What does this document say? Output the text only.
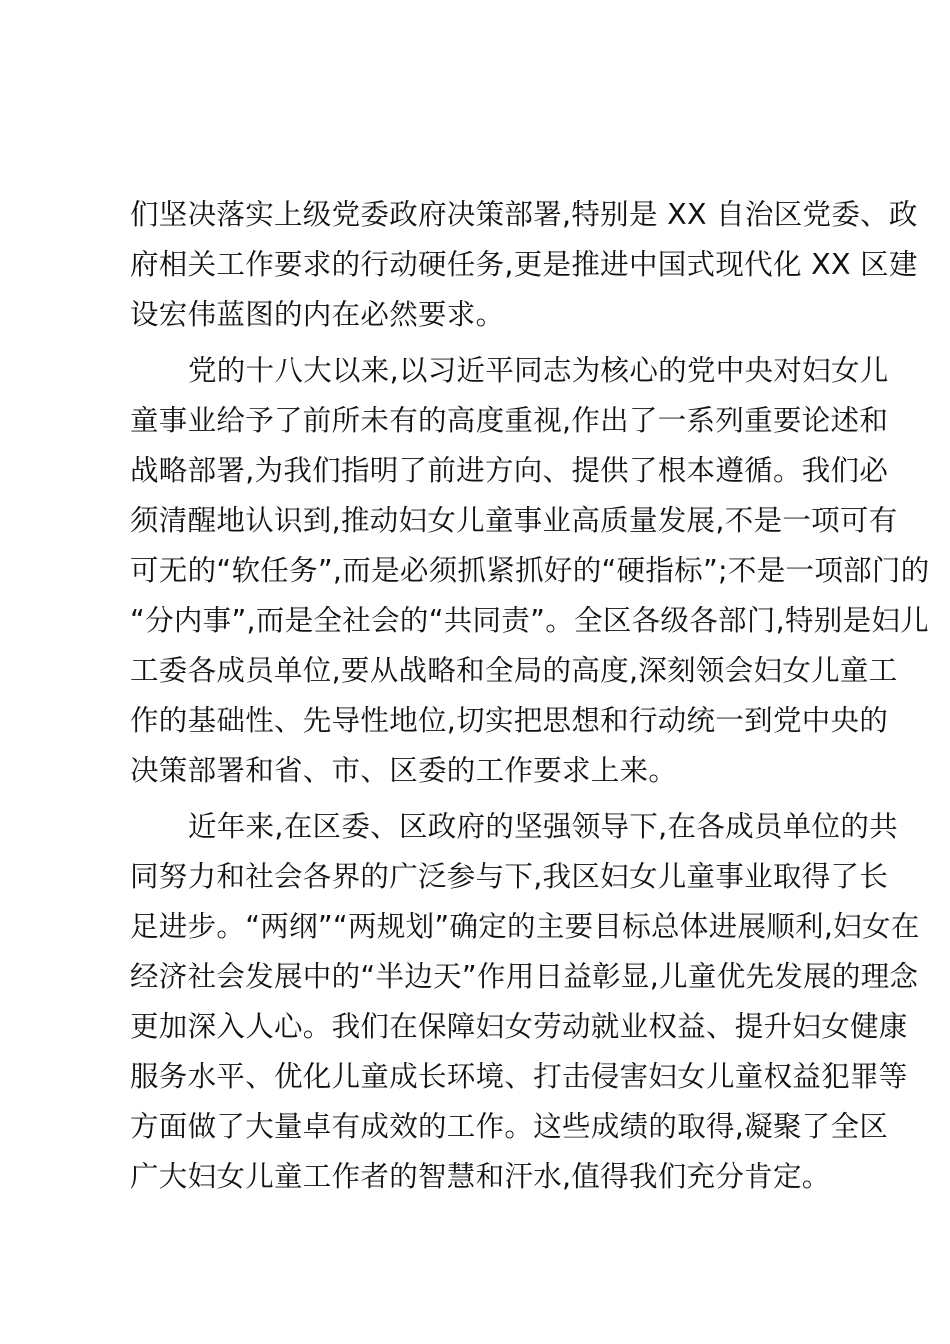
们坚决落实上级党委政府决策部署,特别是 XX 自治区党委、政
府相关工作要求的行动硬任务,更是推进中国式现代化 XX 区建
设宏伟蓝图的内在必然要求。
党的十八大以来,以习近平同志为核心的党中央对妇女儿
童事业给予了前所未有的高度重视,作出了一系列重要论述和
战略部署,为我们指明了前进方向、提供了根本遵循。我们必
须清醒地认识到,推动妇女儿童事业高质量发展,不是一项可有
可无的“软任务”,而是必须抓紧抓好的“硬指标”;不是一项部门的
“分内事”,而是全社会的“共同责”。全区各级各部门,特别是妇儿
工委各成员单位,要从战略和全局的高度,深刻领会妇女儿童工
作的基础性、先导性地位,切实把思想和行动统一到党中央的
决策部署和省、市、区委的工作要求上来。
近年来,在区委、区政府的坚强领导下,在各成员单位的共
同努力和社会各界的广泛参与下,我区妇女儿童事业取得了长
足进步。“两纲”“两规划”确定的主要目标总体进展顺利,妇女在
经济社会发展中的“半边天”作用日益彰显,儿童优先发展的理念
更加深入人心。我们在保障妇女劳动就业权益、提升妇女健康
服务水平、优化儿童成长环境、打击侵害妇女儿童权益犯罪等
方面做了大量卓有成效的工作。这些成绩的取得,凝聚了全区
广大妇女儿童工作者的智慧和汗水,值得我们充分肯定。
